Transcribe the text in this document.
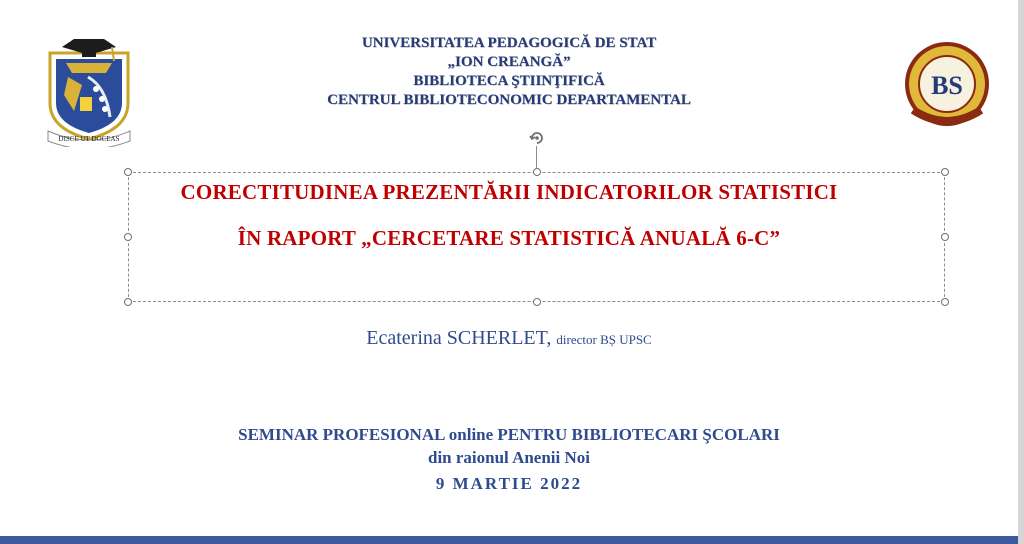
DISCE UT DOCEAS
UNIVERSITATEA PEDAGOGICĂ DE STAT
„ION CREANGĂ”
BIBLIOTECA ŞTIINŢIFICĂ
CENTRUL BIBLIOTECONOMIC DEPARTAMENTAL	BS
CORECTITUDINEA PREZENTĂRII INDICATORILOR STATISTICI
ÎN RAPORT „CERCETARE STATISTICĂ ANUALĂ 6-C”
Ecaterina SCHERLET, director BȘ UPSC
SEMINAR PROFESIONAL online PENTRU BIBLIOTECARI ŞCOLARI
din raionul Anenii Noi
9 MARTIE 2022
